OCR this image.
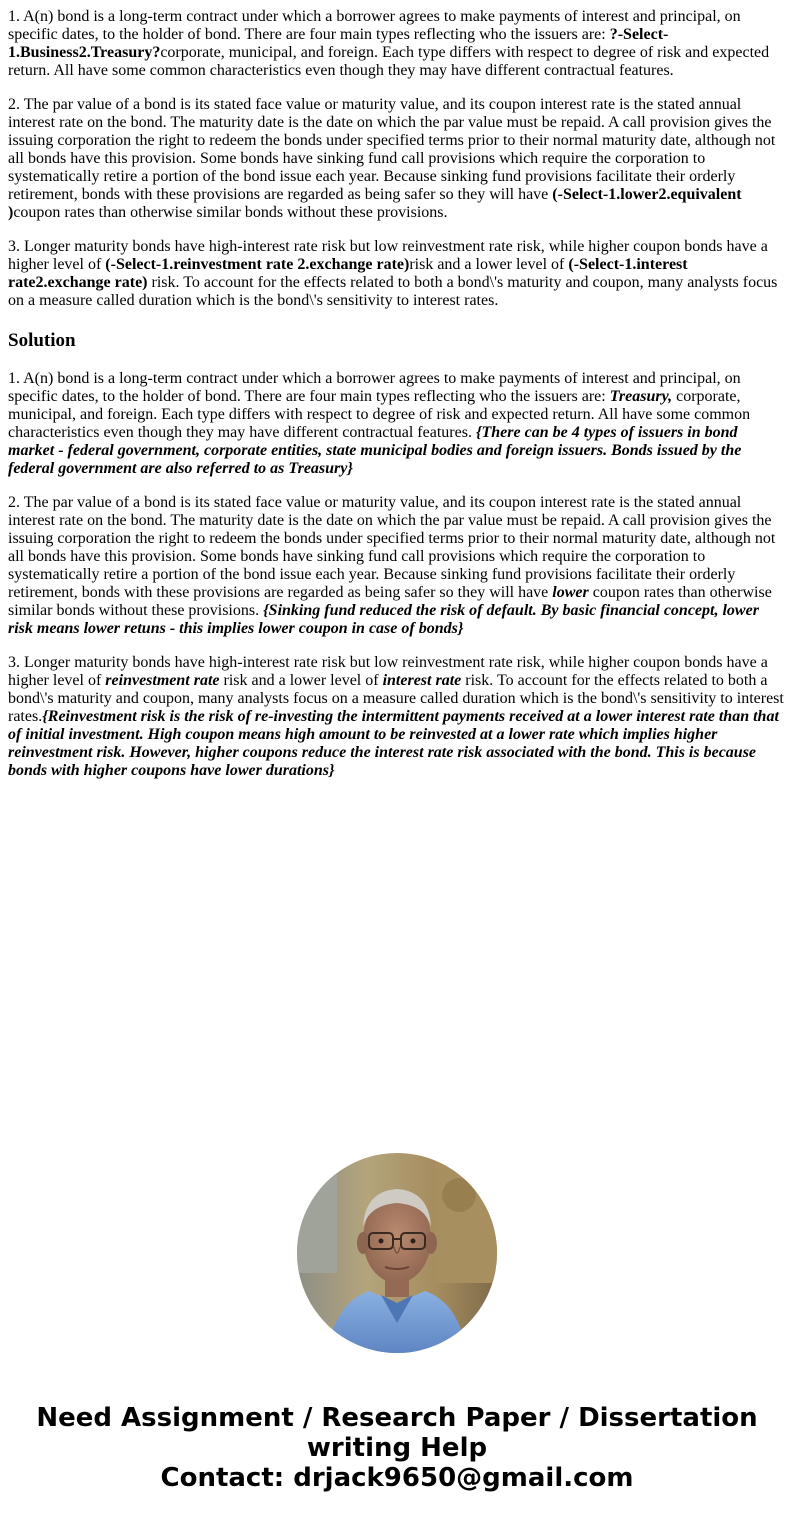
1. A(n) bond is a long-term contract under which a borrower agrees to make payments of interest and principal, on specific dates, to the holder of bond. There are four main types reflecting who the issuers are: ?-Select-1.Business2.Treasury?corporate, municipal, and foreign. Each type differs with respect to degree of risk and expected return. All have some common characteristics even though they may have different contractual features.

2. The par value of a bond is its stated face value or maturity value, and its coupon interest rate is the stated annual interest rate on the bond. The maturity date is the date on which the par value must be repaid. A call provision gives the issuing corporation the right to redeem the bonds under specified terms prior to their normal maturity date, although not all bonds have this provision. Some bonds have sinking fund call provisions which require the corporation to systematically retire a portion of the bond issue each year. Because sinking fund provisions facilitate their orderly retirement, bonds with these provisions are regarded as being safer so they will have (-Select-1.lower2.equivalent )coupon rates than otherwise similar bonds without these provisions.

3. Longer maturity bonds have high-interest rate risk but low reinvestment rate risk, while higher coupon bonds have a higher level of (-Select-1.reinvestment rate 2.exchange rate)risk and a lower level of (-Select-1.interest rate2.exchange rate) risk. To account for the effects related to both a bond\'s maturity and coupon, many analysts focus on a measure called duration which is the bond\'s sensitivity to interest rates.

Solution

1. A(n) bond is a long-term contract under which a borrower agrees to make payments of interest and principal, on specific dates, to the holder of bond. There are four main types reflecting who the issuers are: Treasury, corporate, municipal, and foreign. Each type differs with respect to degree of risk and expected return. All have some common characteristics even though they may have different contractual features. {There can be 4 types of issuers in bond market - federal government, corporate entities, state municipal bodies and foreign issuers. Bonds issued by the federal government are also referred to as Treasury}

2. The par value of a bond is its stated face value or maturity value, and its coupon interest rate is the stated annual interest rate on the bond. The maturity date is the date on which the par value must be repaid. A call provision gives the issuing corporation the right to redeem the bonds under specified terms prior to their normal maturity date, although not all bonds have this provision. Some bonds have sinking fund call provisions which require the corporation to systematically retire a portion of the bond issue each year. Because sinking fund provisions facilitate their orderly retirement, bonds with these provisions are regarded as being safer so they will have lower coupon rates than otherwise similar bonds without these provisions. {Sinking fund reduced the risk of default. By basic financial concept, lower risk means lower retuns - this implies lower coupon in case of bonds}

3. Longer maturity bonds have high-interest rate risk but low reinvestment rate risk, while higher coupon bonds have a higher level of reinvestment rate risk and a lower level of interest rate risk. To account for the effects related to both a bond\'s maturity and coupon, many analysts focus on a measure called duration which is the bond\'s sensitivity to interest rates.{Reinvestment risk is the risk of re-investing the intermittent payments received at a lower interest rate than that of initial investment. High coupon means high amount to be reinvested at a lower rate which implies higher reinvestment risk. However, higher coupons reduce the interest rate risk associated with the bond. This is because bonds with higher coupons have lower durations}

Need Assignment / Research Paper / Dissertation
writing Help
Contact: drjack9650@gmail.com
